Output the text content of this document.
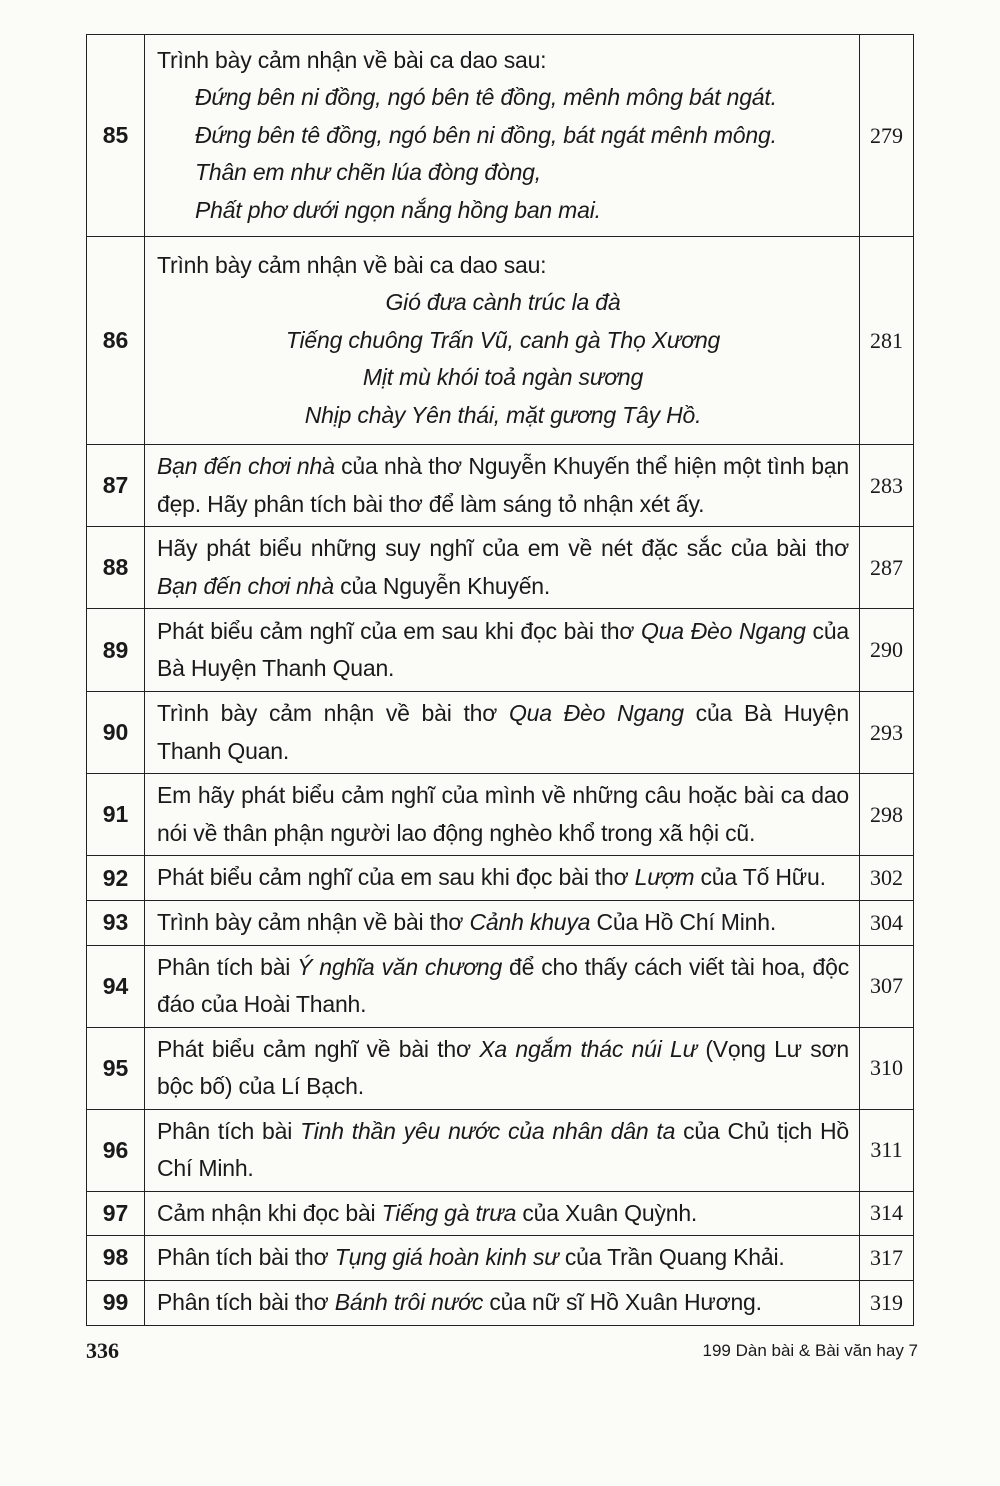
85	Trình bày cảm nhận về bài ca dao sau:
Đứng bên ni đồng, ngó bên tê đồng, mênh mông bát ngát.
Đứng bên tê đồng, ngó bên ni đồng, bát ngát mênh mông.
Thân em như chẽn lúa đòng đòng,
Phất phơ dưới ngọn nắng hồng ban mai.	279
86	Trình bày cảm nhận về bài ca dao sau:
Gió đưa cành trúc la đà
Tiếng chuông Trấn Vũ, canh gà Thọ Xương
Mịt mù khói toả ngàn sương
Nhịp chày Yên thái, mặt gương Tây Hồ.	281
87	Bạn đến chơi nhà của nhà thơ Nguyễn Khuyến thể hiện một tình bạn đẹp. Hãy phân tích bài thơ để làm sáng tỏ nhận xét ấy.	283
88	Hãy phát biểu những suy nghĩ của em về nét đặc sắc của bài thơ Bạn đến chơi nhà của Nguyễn Khuyến.	287
89	Phát biểu cảm nghĩ của em sau khi đọc bài thơ Qua Đèo Ngang của Bà Huyện Thanh Quan.	290
90	Trình bày cảm nhận về bài thơ Qua Đèo Ngang của Bà Huyện Thanh Quan.	293
91	Em hãy phát biểu cảm nghĩ của mình về những câu hoặc bài ca dao nói về thân phận người lao động nghèo khổ trong xã hội cũ.	298
92	Phát biểu cảm nghĩ của em sau khi đọc bài thơ Lượm của Tố Hữu.	302
93	Trình bày cảm nhận về bài thơ Cảnh khuya Của Hồ Chí Minh.	304
94	Phân tích bài Ý nghĩa văn chương để cho thấy cách viết tài hoa, độc đáo của Hoài Thanh.	307
95	Phát biểu cảm nghĩ về bài thơ Xa ngắm thác núi Lư (Vọng Lư sơn bộc bố) của Lí Bạch.	310
96	Phân tích bài Tinh thần yêu nước của nhân dân ta của Chủ tịch Hồ Chí Minh.	311
97	Cảm nhận khi đọc bài Tiếng gà trưa của Xuân Quỳnh.	314
98	Phân tích bài thơ Tụng giá hoàn kinh sư của Trần Quang Khải.	317
99	Phân tích bài thơ Bánh trôi nước của nữ sĩ Hồ Xuân Hương.	319
336	199 Dàn bài & Bài văn hay 7
